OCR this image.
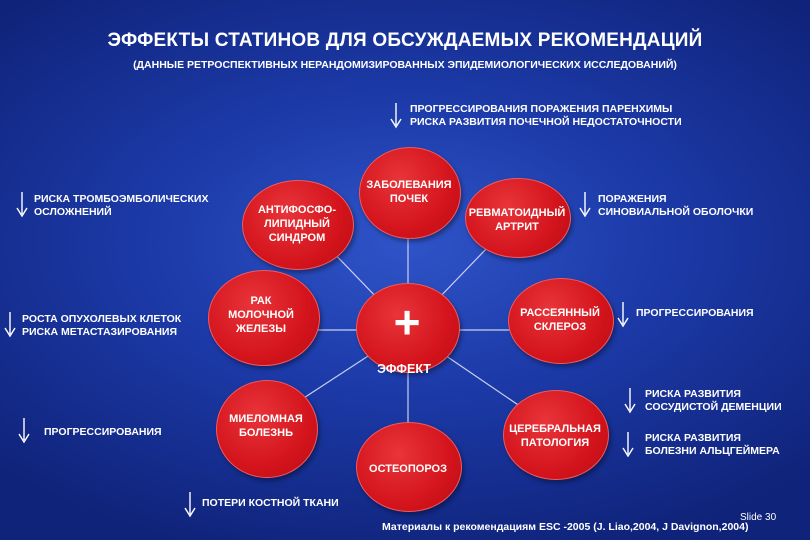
ЭФФЕКТЫ СТАТИНОВ ДЛЯ ОБСУЖДАЕМЫХ РЕКОМЕНДАЦИЙ
(ДАННЫЕ РЕТРОСПЕКТИВНЫХ НЕРАНДОМИЗИРОВАННЫХ ЭПИДЕМИОЛОГИЧЕСКИХ ИССЛЕДОВАНИЙ)
ЗАБОЛЕВАНИЯ
ПОЧЕК
АНТИФОСФО-
ЛИПИДНЫЙ
СИНДРОМ
РЕВМАТОИДНЫЙ
АРТРИТ
РАК
МОЛОЧНОЙ
ЖЕЛЕЗЫ	+
ЭФФЕКТ
РАССЕЯННЫЙ
СКЛЕРОЗ
МИЕЛОМНАЯ
БОЛЕЗНЬ	ЦЕРЕБРАЛЬНАЯ
ПАТОЛОГИЯ
ОСТЕОПОРОЗ
ПРОГРЕССИРОВАНИЯ ПОРАЖЕНИЯ ПАРЕНХИМЫ
РИСКА РАЗВИТИЯ ПОЧЕЧНОЙ НЕДОСТАТОЧНОСТИ
РИСКА ТРОМБОЭМБОЛИЧЕСКИХ
ОСЛОЖНЕНИЙ
ПОРАЖЕНИЯ
СИНОВИАЛЬНОЙ ОБОЛОЧКИ
РОСТА ОПУХОЛЕВЫХ КЛЕТОК
РИСКА МЕТАСТАЗИРОВАНИЯ
ПРОГРЕССИРОВАНИЯ
ПРОГРЕССИРОВАНИЯ
РИСКА РАЗВИТИЯ
СОСУДИСТОЙ ДЕМЕНЦИИ
РИСКА РАЗВИТИЯ
БОЛЕЗНИ АЛЬЦГЕЙМЕРА
ПОТЕРИ КОСТНОЙ ТКАНИ
Slide 30
Материалы к рекомендациям ESC -2005 (J. Liao,2004, J Davignon,2004)
